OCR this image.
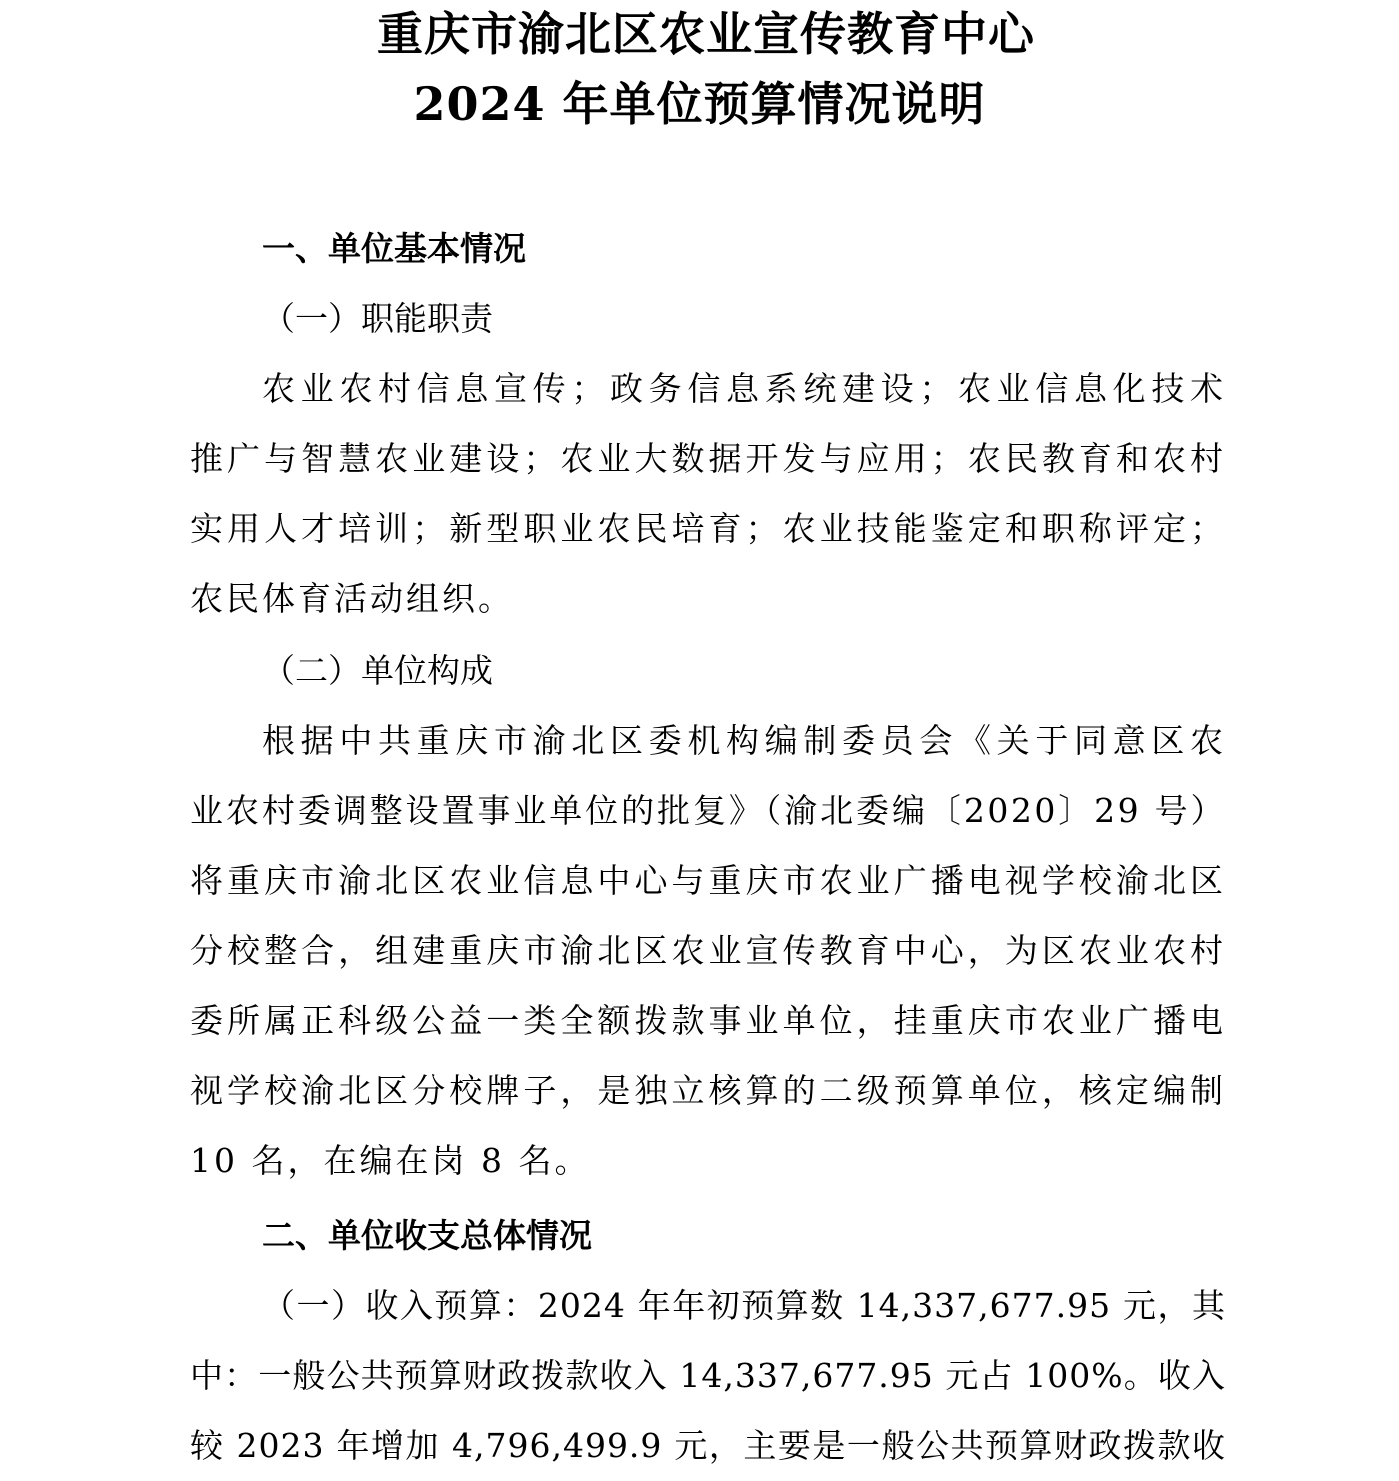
重庆市渝北区农业宣传教育中心
2024 年单位预算情况说明
一、单位基本情况
（一）职能职责
农业农村信息宣传；政务信息系统建设；农业信息化技术
推广与智慧农业建设；农业大数据开发与应用；农民教育和农村
实用人才培训；新型职业农民培育；农业技能鉴定和职称评定；
农民体育活动组织。
（二）单位构成
根据中共重庆市渝北区委机构编制委员会《关于同意区农
业农村委调整设置事业单位的批复》（渝北委编〔2020〕29 号）
将重庆市渝北区农业信息中心与重庆市农业广播电视学校渝北区
分校整合，组建重庆市渝北区农业宣传教育中心，为区农业农村
委所属正科级公益一类全额拨款事业单位，挂重庆市农业广播电
视学校渝北区分校牌子，是独立核算的二级预算单位，核定编制
10 名，在编在岗 8 名。
二、单位收支总体情况
（一）收入预算：2024 年年初预算数 14,337,677.95 元，其
中：一般公共预算财政拨款收入 14,337,677.95 元占 100%。收入
较 2023 年增加 4,796,499.9 元，主要是一般公共预算财政拨款收
